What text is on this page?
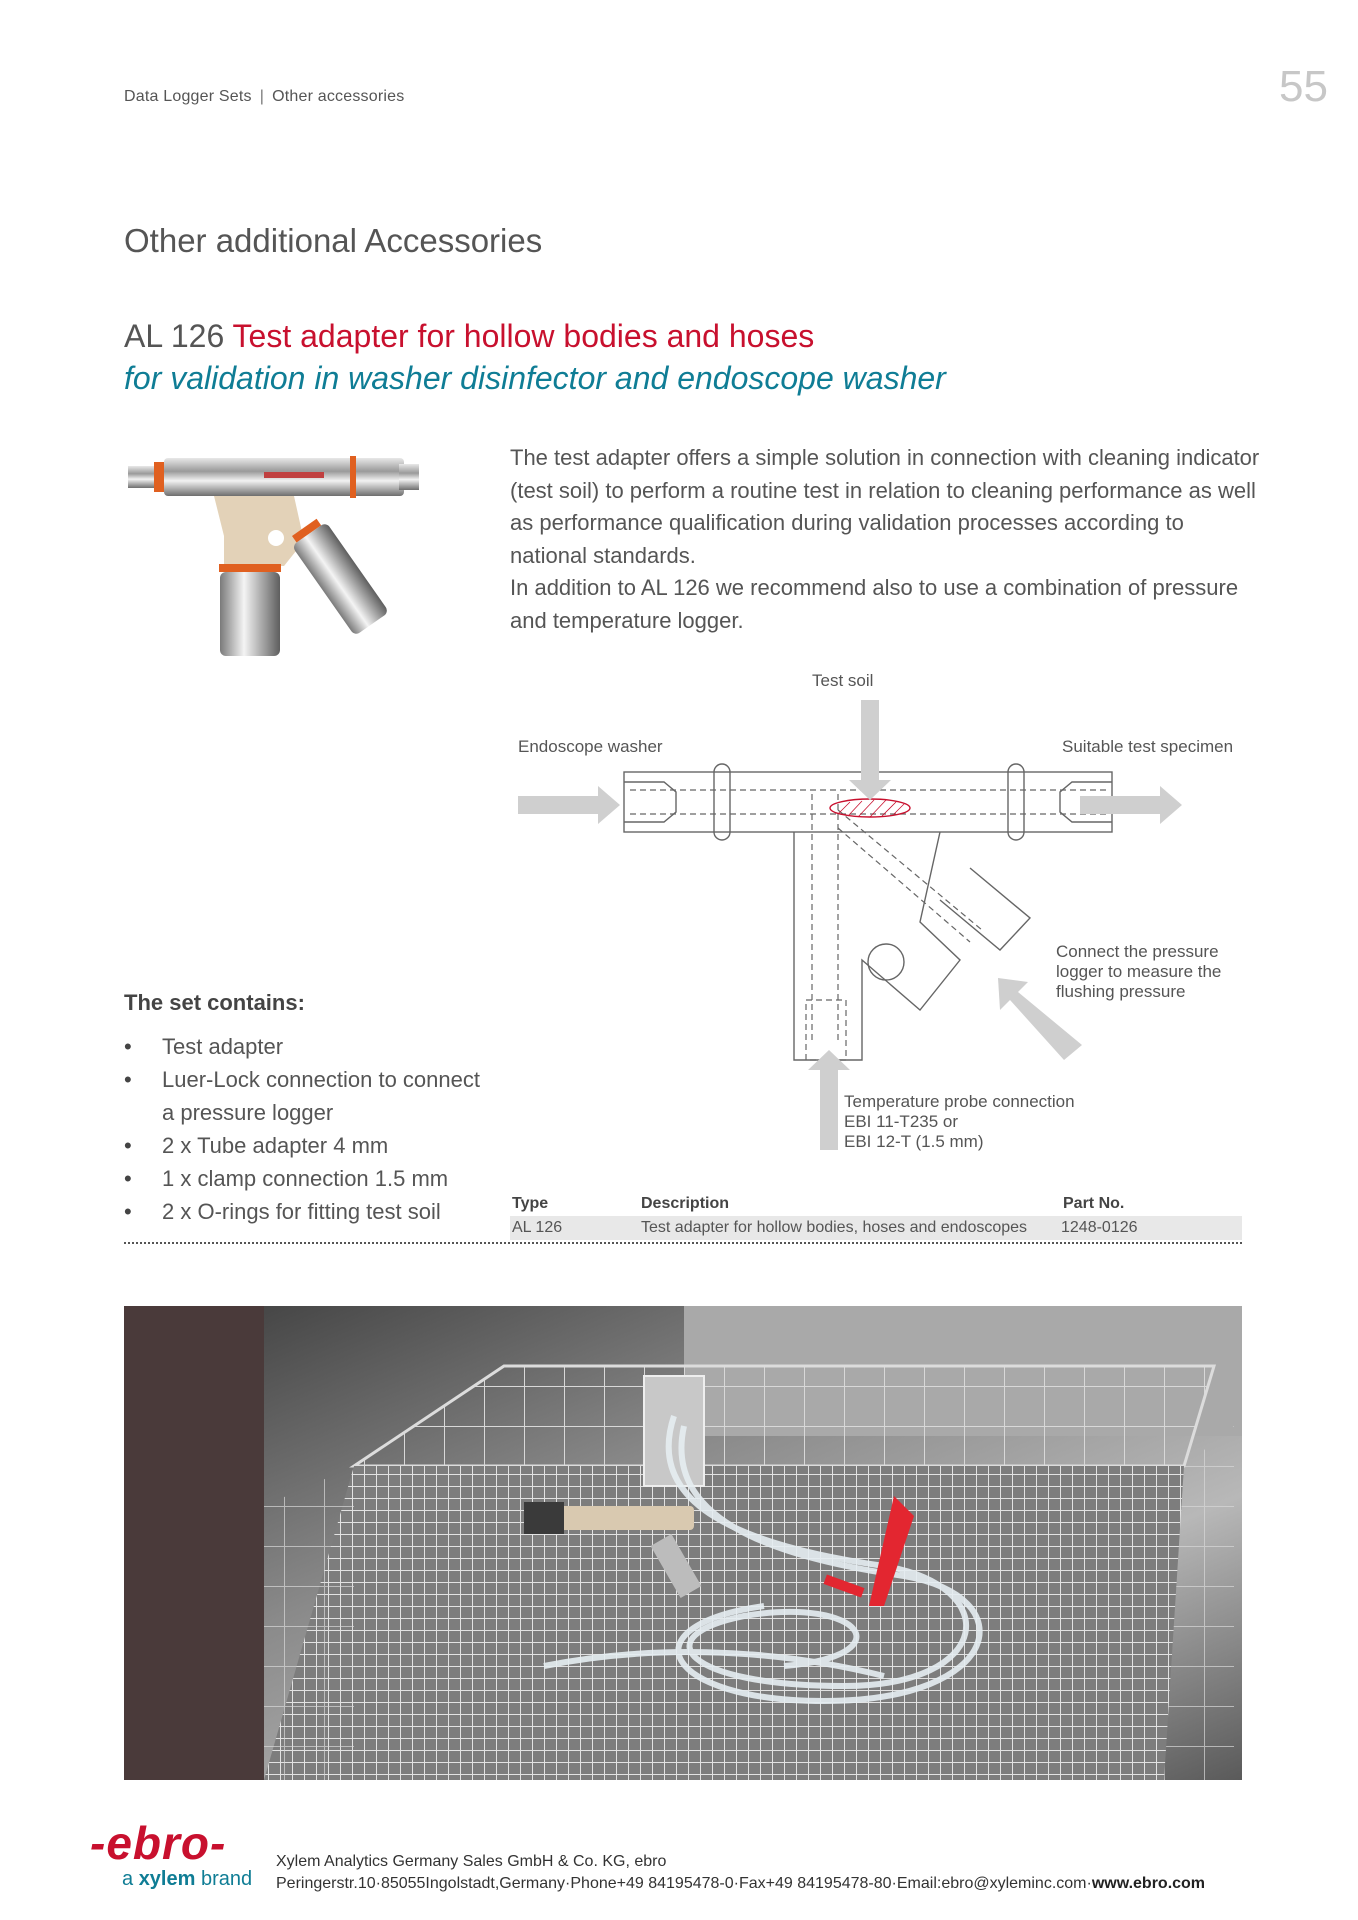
Data Logger Sets | Other accessories	55
Other additional Accessories
AL 126 Test adapter for hollow bodies and hoses
for validation in washer disinfector and endoscope washer

The test adapter offers a simple solution in connection with cleaning indicator (test soil) to perform a routine test in relation to cleaning performance as well as performance qualification during validation processes according to national standards.

In addition to AL 126 we recommend also to use a combination of pressure and temperature logger.

Test soil
Endoscope washer	Suitable test specimen
Connect the pressure
logger to measure the
flushing pressure
Temperature probe connection
EBI 11-T235 or
EBI 12-T (1.5 mm)
The set contains:
• Test adapter
• Luer-Lock connection to connect a pressure logger
• 2 x Tube adapter 4 mm
• 1 x clamp connection 1.5 mm
• 2 x O-rings for fitting test soil	Type	Description	Part No.
AL 126	Test adapter for hollow bodies, hoses and endoscopes 1248-0126
-ebro-
a xylem brand
Xylem Analytics Germany Sales GmbH & Co. KG, ebro
Peringerstr.10·85055Ingolstadt,Germany·Phone+49 84195478-0·Fax+49 84195478-80·Email:ebro@xyleminc.com·www.ebro.com
